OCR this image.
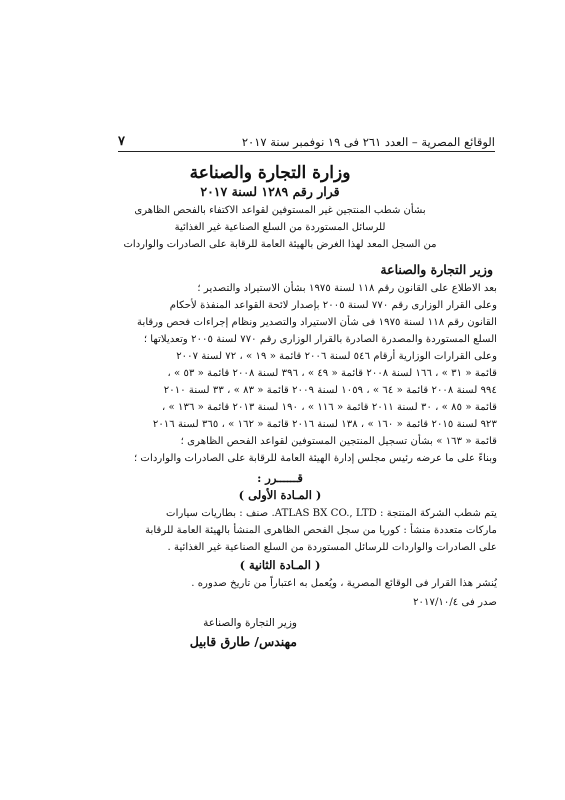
الوقائع المصرية – العدد ٢٦١ فى ١٩ نوفمبر سنة ٢٠١٧
٧
وزارة التجارة والصناعة
قرار رقم ١٢٨٩ لسنة ٢٠١٧
بشأن شطب المنتجين غير المستوفين لقواعد الاكتفاء بالفحص الظاهرى
للرسائل المستوردة من السلع الصناعية غير الغذائية
من السجل المعد لهذا الغرض بالهيئة العامة للرقابة على الصادرات والواردات
وزير التجارة والصناعة
بعد الاطلاع على القانون رقم ١١٨ لسنة ١٩٧٥ بشأن الاستيراد والتصدير ؛
وعلى القرار الوزارى رقم ٧٧٠ لسنة ٢٠٠٥ بإصدار لائحة القواعد المنفذة لأحكام
القانون رقم ١١٨ لسنة ١٩٧٥ فى شأن الاستيراد والتصدير ونظام إجراءات فحص ورقابة
السلع المستوردة والمصدرة الصادرة بالقرار الوزارى رقم ٧٧٠ لسنة ٢٠٠٥ وتعديلاتها ؛
وعلى القرارات الوزارية أرقام ٥٤٦ لسنة ٢٠٠٦ قائمة « ١٩ » ، ٧٢ لسنة ٢٠٠٧
قائمة « ٣١ » ، ١٦٦ لسنة ٢٠٠٨ قائمة « ٤٩ » ، ٣٩٦ لسنة ٢٠٠٨ قائمة « ٥٣ » ،
٩٩٤ لسنة ٢٠٠٨ قائمة « ٦٤ » ، ١٠٥٩ لسنة ٢٠٠٩ قائمة « ٨٣ » ، ٣٣ لسنة ٢٠١٠
قائمة « ٨٥ » ، ٣٠ لسنة ٢٠١١ قائمة « ١١٦ » ، ١٩٠ لسنة ٢٠١٣ قائمة « ١٣٦ » ،
٩٢٣ لسنة ٢٠١٥ قائمة « ١٦٠ » ، ١٣٨ لسنة ٢٠١٦ قائمة « ١٦٢ » ، ٣٦٥ لسنة ٢٠١٦
قائمة « ١٦٣ » بشأن تسجيل المنتجين المستوفين لقواعد الفحص الظاهرى ؛
وبناءً على ما عرضه رئيس مجلس إدارة الهيئة العامة للرقابة على الصادرات والواردات ؛
قــــــرر :
( المـادة الأولى )
يتم شطب الشركة المنتجة : ATLAS BX CO., LTD. صنف : بطاريات سيارات
ماركات متعددة منشأ : كوريا من سجل الفحص الظاهرى المنشأ بالهيئة العامة للرقابة
على الصادرات والواردات للرسائل المستوردة من السلع الصناعية غير الغذائية .
( المـادة الثانية )
يُنشر هذا القرار فى الوقائع المصرية ، ويُعمل به اعتباراً من تاريخ صدوره .
صدر فى ٢٠١٧/١٠/٤
وزير التجارة والصناعة
مهندس/ طارق قابيل
